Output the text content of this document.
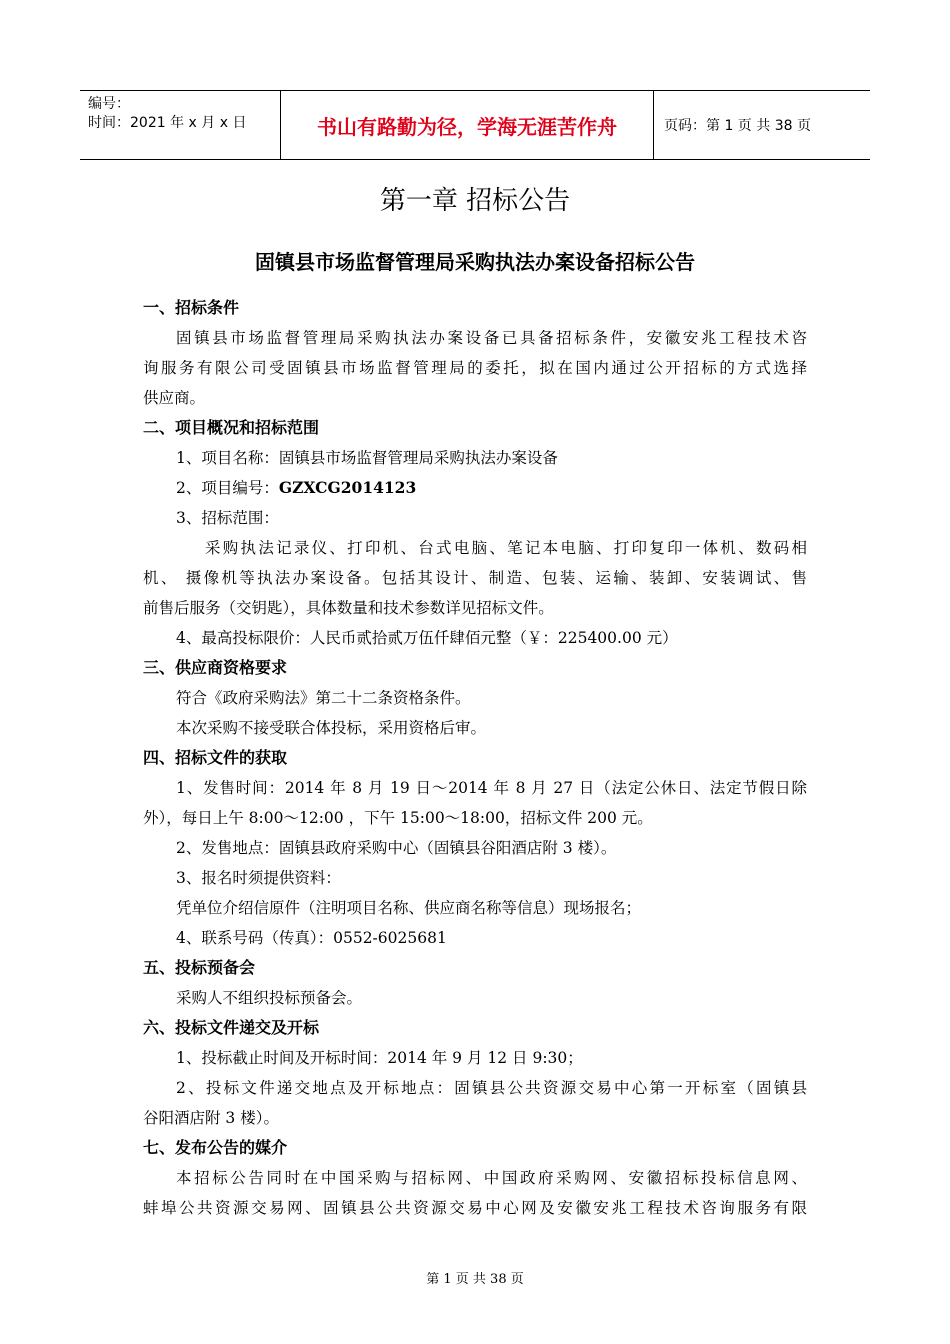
编号：
时间：2021 年 x 月 x 日	书山有路勤为径，学海无涯苦作舟	页码：第 1 页 共 38 页
第一章 招标公告
固镇县市场监督管理局采购执法办案设备招标公告
一、招标条件
固镇县市场监督管理局采购执法办案设备已具备招标条件，安徽安兆工程技术咨
询服务有限公司受固镇县市场监督管理局的委托，拟在国内通过公开招标的方式选择
供应商。
二、项目概况和招标范围
1、项目名称：固镇县市场监督管理局采购执法办案设备
2、项目编号：GZXCG2014123
3、招标范围：
采购执法记录仪、打印机、台式电脑、笔记本电脑、打印复印一体机、数码相
机、 摄像机等执法办案设备。包括其设计、制造、包装、运输、装卸、安装调试、售
前售后服务（交钥匙），具体数量和技术参数详见招标文件。
4、最高投标限价：人民币贰拾贰万伍仟肆佰元整（￥：225400.00 元）
三、供应商资格要求
符合《政府采购法》第二十二条资格条件。
本次采购不接受联合体投标，采用资格后审。
四、招标文件的获取
1、发售时间：2014 年 8 月 19 日～2014 年 8 月 27 日（法定公休日、法定节假日除
外），每日上午 8:00～12:00 ，下午 15:00～18:00，招标文件 200 元。
2、发售地点：固镇县政府采购中心（固镇县谷阳酒店附 3 楼）。
3、报名时须提供资料：
凭单位介绍信原件（注明项目名称、供应商名称等信息）现场报名；
4、联系号码（传真）：0552-6025681
五、投标预备会
采购人不组织投标预备会。
六、投标文件递交及开标
1、投标截止时间及开标时间：2014 年 9 月 12 日 9:30；
2、投标文件递交地点及开标地点：固镇县公共资源交易中心第一开标室（固镇县
谷阳酒店附 3 楼）。
七、发布公告的媒介
本招标公告同时在中国采购与招标网、中国政府采购网、安徽招标投标信息网、
蚌埠公共资源交易网、固镇县公共资源交易中心网及安徽安兆工程技术咨询服务有限
第 1 页 共 38 页
